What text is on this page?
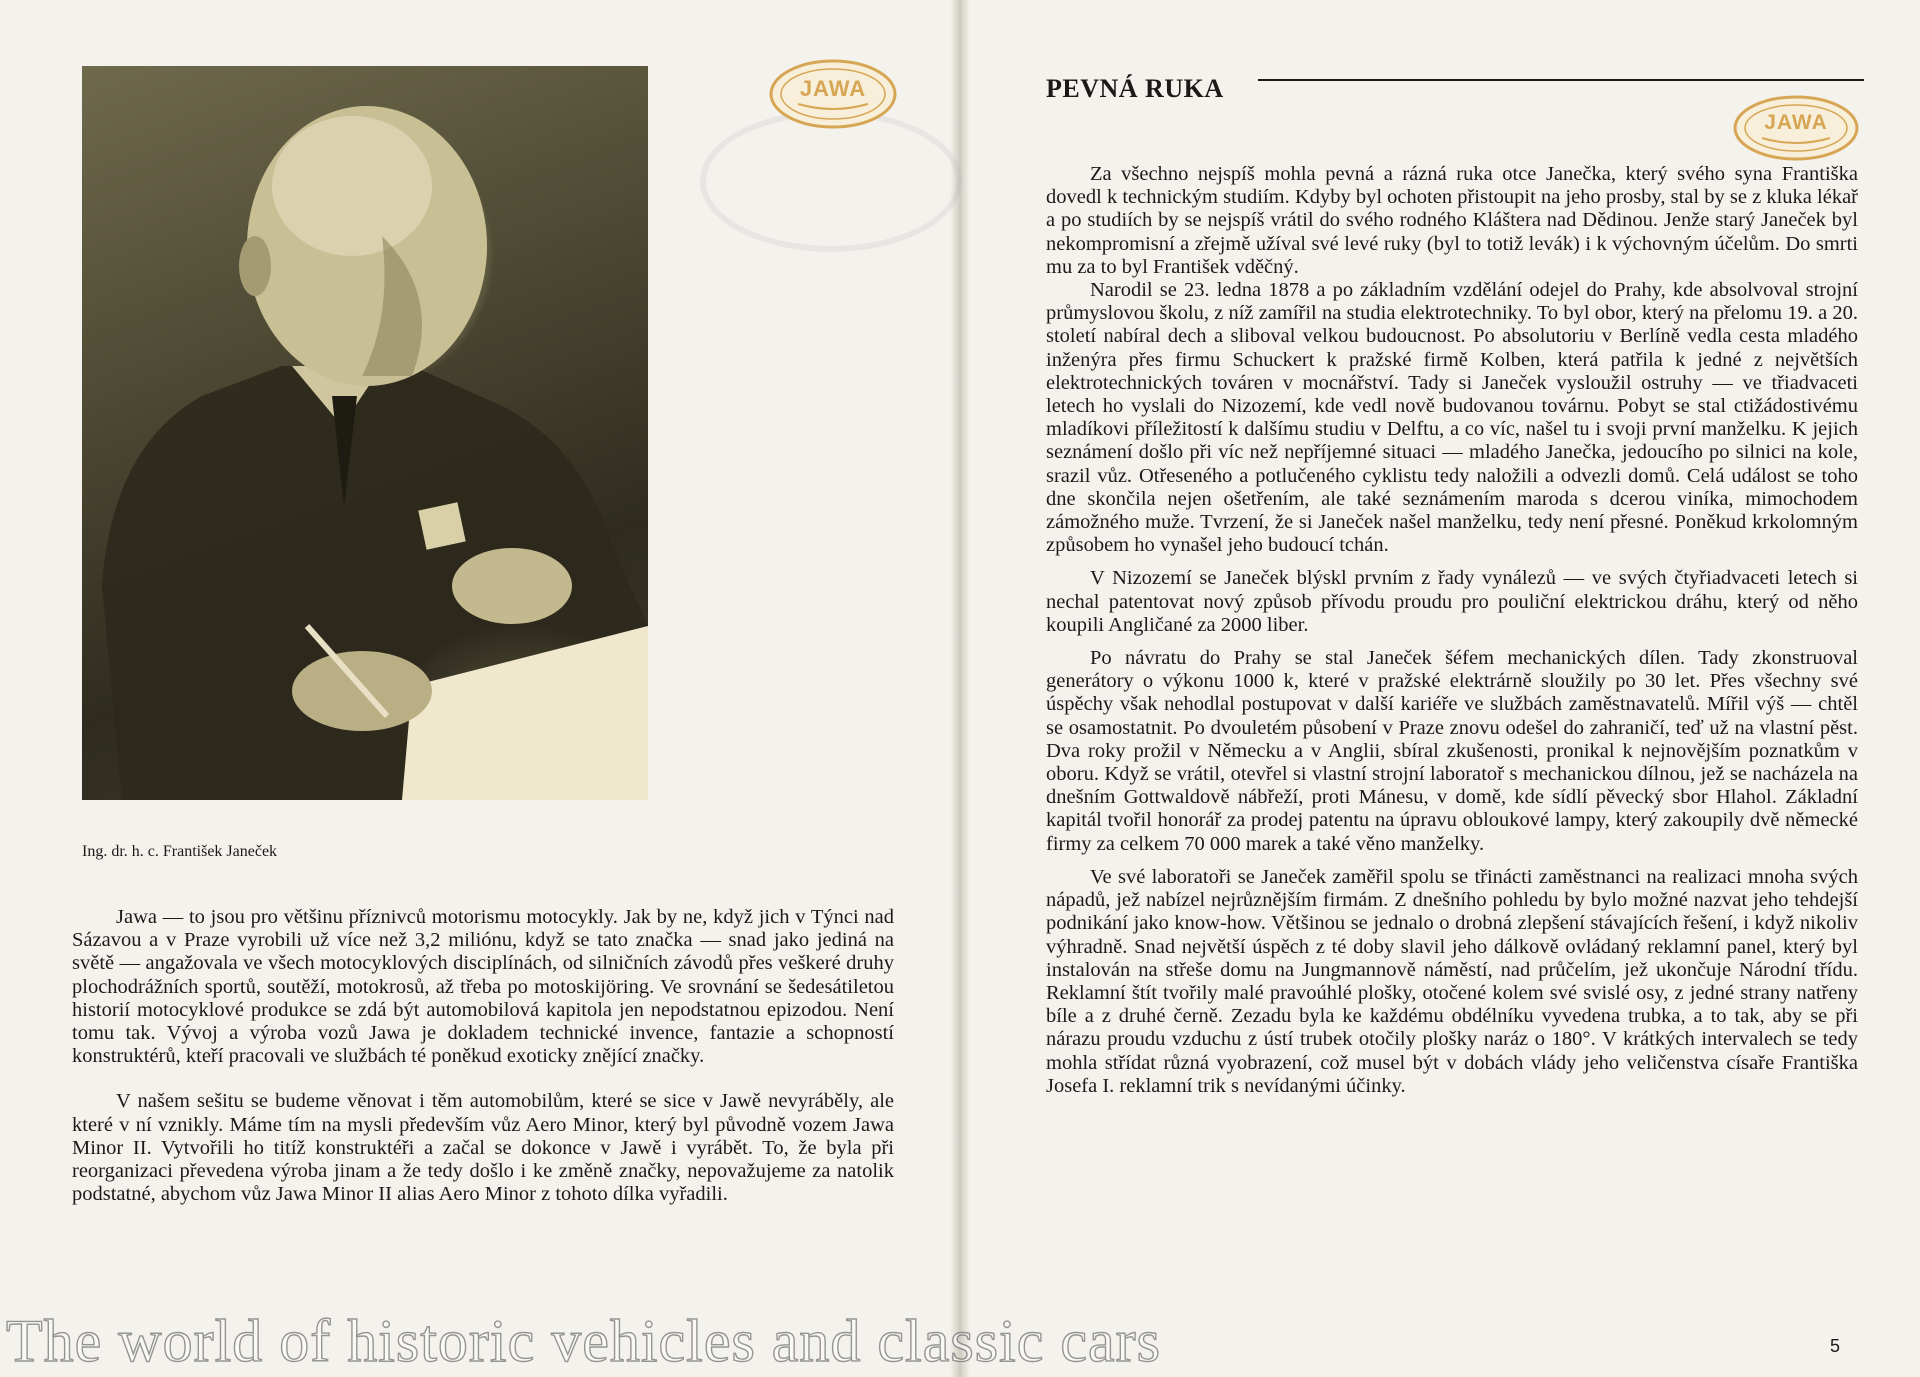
JAWA
Ing. dr. h. c. František Janeček

Jawa — to jsou pro většinu příznivců motorismu motocykly. Jak by ne, když jich v Týnci nad Sázavou a v Praze vyrobili už více než 3,2 miliónu, když se tato značka — snad jako jediná na světě — angažovala ve všech motocyklových disciplínách, od silničních závodů přes veškeré druhy plochodrážních sportů, soutěží, motokrosů, až třeba po motoskijöring. Ve srovnání se šedesátiletou historií motocyklové produkce se zdá být automobilová kapitola jen nepodstatnou epizodou. Není tomu tak. Vývoj a výroba vozů Jawa je dokladem technické invence, fantazie a schopností konstruktérů, kteří pracovali ve službách té poněkud exoticky znějící značky.

V našem sešitu se budeme věnovat i těm automobilům, které se sice v Jawě nevyráběly, ale které v ní vznikly. Máme tím na mysli především vůz Aero Minor, který byl původně vozem Jawa Minor II. Vytvořili ho titíž konstruktéři a začal se dokonce v Jawě i vyrábět. To, že byla při reorganizaci převedena výroba jinam a že tedy došlo i ke změně značky, nepovažujeme za natolik podstatné, abychom vůz Jawa Minor II alias Aero Minor z tohoto dílka vyřadili.

PEVNÁ RUKA
JAWA

Za všechno nejspíš mohla pevná a rázná ruka otce Janečka, který svého syna Františka dovedl k technickým studiím. Kdyby byl ochoten přistoupit na jeho prosby, stal by se z kluka lékař a po studiích by se nejspíš vrátil do svého rodného Kláštera nad Dědinou. Jenže starý Janeček byl nekompromisní a zřejmě užíval své levé ruky (byl to totiž levák) i k výchovným účelům. Do smrti mu za to byl František vděčný.

Narodil se 23. ledna 1878 a po základním vzdělání odejel do Prahy, kde absolvoval strojní průmyslovou školu, z níž zamířil na studia elektrotechniky. To byl obor, který na přelomu 19. a 20. století nabíral dech a sliboval velkou budoucnost. Po absolutoriu v Berlíně vedla cesta mladého inženýra přes firmu Schuckert k pražské firmě Kolben, která patřila k jedné z největších elektrotechnických továren v mocnářství. Tady si Janeček vysloužil ostruhy — ve třiadvaceti letech ho vyslali do Nizozemí, kde vedl nově budovanou továrnu. Pobyt se stal ctižádostivému mladíkovi příležitostí k dalšímu studiu v Delftu, a co víc, našel tu i svoji první manželku. K jejich seznámení došlo při víc než nepříjemné situaci — mladého Janečka, jedoucího po silnici na kole, srazil vůz. Otřeseného a potlučeného cyklistu tedy naložili a odvezli domů. Celá událost se toho dne skončila nejen ošetřením, ale také seznámením maroda s dcerou viníka, mimochodem zámožného muže. Tvrzení, že si Janeček našel manželku, tedy není přesné. Poněkud krkolomným způsobem ho vynašel jeho budoucí tchán.

V Nizozemí se Janeček blýskl prvním z řady vynálezů — ve svých čtyřiadvaceti letech si nechal patentovat nový způsob přívodu proudu pro pouliční elektrickou dráhu, který od něho koupili Angličané za 2000 liber.

Po návratu do Prahy se stal Janeček šéfem mechanických dílen. Tady zkonstruoval generátory o výkonu 1000 k, které v pražské elektrárně sloužily po 30 let. Přes všechny své úspěchy však nehodlal postupovat v další kariéře ve službách zaměstnavatelů. Mířil výš — chtěl se osamostatnit. Po dvouletém působení v Praze znovu odešel do zahraničí, teď už na vlastní pěst. Dva roky prožil v Německu a v Anglii, sbíral zkušenosti, pronikal k nejnovějším poznatkům v oboru. Když se vrátil, otevřel si vlastní strojní laboratoř s mechanickou dílnou, jež se nacházela na dnešním Gottwaldově nábřeží, proti Mánesu, v domě, kde sídlí pěvecký sbor Hlahol. Základní kapitál tvořil honorář za prodej patentu na úpravu obloukové lampy, který zakoupily dvě německé firmy za celkem 70 000 marek a také věno manželky.

Ve své laboratoři se Janeček zaměřil spolu se třinácti zaměstnanci na realizaci mnoha svých nápadů, jež nabízel nejrůznějším firmám. Z dnešního pohledu by bylo možné nazvat jeho tehdejší podnikání jako know-how. Většinou se jednalo o drobná zlepšení stávajících řešení, i když nikoliv výhradně. Snad největší úspěch z té doby slavil jeho dálkově ovládaný reklamní panel, který byl instalován na střeše domu na Jungmannově náměstí, nad průčelím, jež ukončuje Národní třídu. Reklamní štít tvořily malé pravoúhlé plošky, otočené kolem své svislé osy, z jedné strany natřeny bíle a z druhé černě. Zezadu byla ke každému obdélníku vyvedena trubka, a to tak, aby se při nárazu proudu vzduchu z ústí trubek otočily plošky naráz o 180°. V krátkých intervalech se tedy mohla střídat různá vyobrazení, což musel být v dobách vlády jeho veličenstva císaře Františka Josefa I. reklamní trik s nevídanými účinky.

5
The world of historic vehicles and classic cars
